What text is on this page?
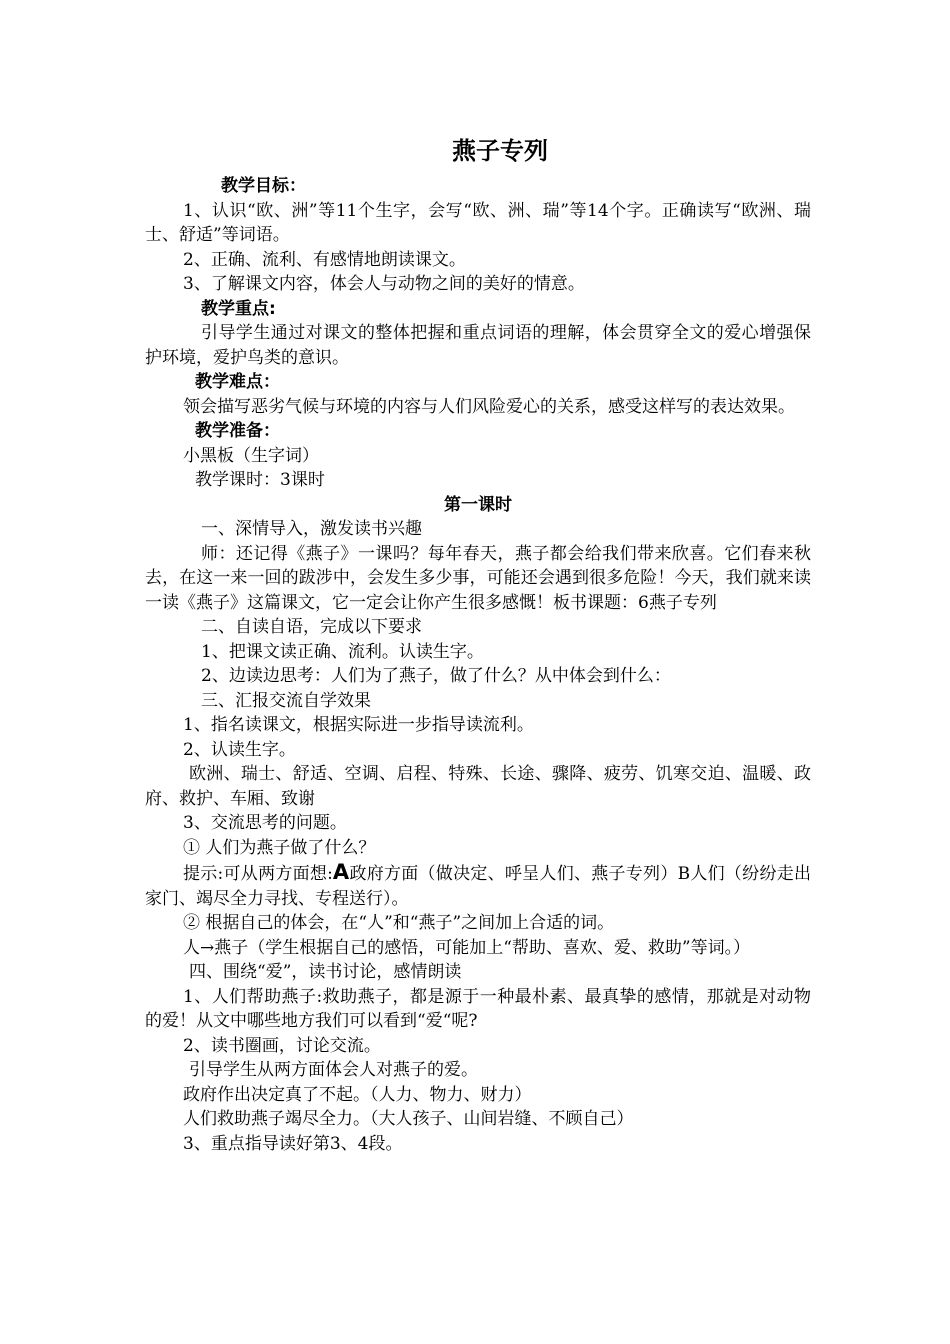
燕子专列

教学目标：

1、认识“欧、洲”等11个生字，会写“欧、洲、瑞”等14个字。正确读写“欧洲、瑞士、舒适”等词语。

2、正确、流利、有感情地朗读课文。

3、了解课文内容，体会人与动物之间的美好的情意。

教学重点:

引导学生通过对课文的整体把握和重点词语的理解，体会贯穿全文的爱心增强保护环境，爱护鸟类的意识。

教学难点：

领会描写恶劣气候与环境的内容与人们风险爱心的关系，感受这样写的表达效果。

教学准备：

小黑板（生字词）

教学课时：3课时

第一课时

一、深情导入，激发读书兴趣

师：还记得《燕子》一课吗？每年春天，燕子都会给我们带来欣喜。它们春来秋去，在这一来一回的跋涉中，会发生多少事，可能还会遇到很多危险！今天，我们就来读一读《燕子》这篇课文，它一定会让你产生很多感慨！板书课题：6燕子专列

二、自读自语，完成以下要求

1、把课文读正确、流利。认读生字。

2、边读边思考：人们为了燕子，做了什么？从中体会到什么：

三、汇报交流自学效果

1、指名读课文，根据实际进一步指导读流利。

2、认读生字。

欧洲、瑞士、舒适、空调、启程、特殊、长途、骤降、疲劳、饥寒交迫、温暖、政府、救护、车厢、致谢

3、交流思考的问题。

① 人们为燕子做了什么？

提示:可从两方面想:A政府方面（做决定、呼呈人们、燕子专列）B人们（纷纷走出家门、竭尽全力寻找、专程送行）。

② 根据自己的体会，在“人”和“燕子”之间加上合适的词。

人→燕子（学生根据自己的感悟，可能加上“帮助、喜欢、爱、救助”等词。）

四、围绕“爱”，读书讨论，感情朗读

1、人们帮助燕子:救助燕子，都是源于一种最朴素、最真挚的感情，那就是对动物的爱！从文中哪些地方我们可以看到“爱“呢?

2、读书圈画，讨论交流。

引导学生从两方面体会人对燕子的爱。

政府作出决定真了不起。（人力、物力、财力）

人们救助燕子竭尽全力。（大人孩子、山间岩缝、不顾自己）

3、重点指导读好第3、4段。
